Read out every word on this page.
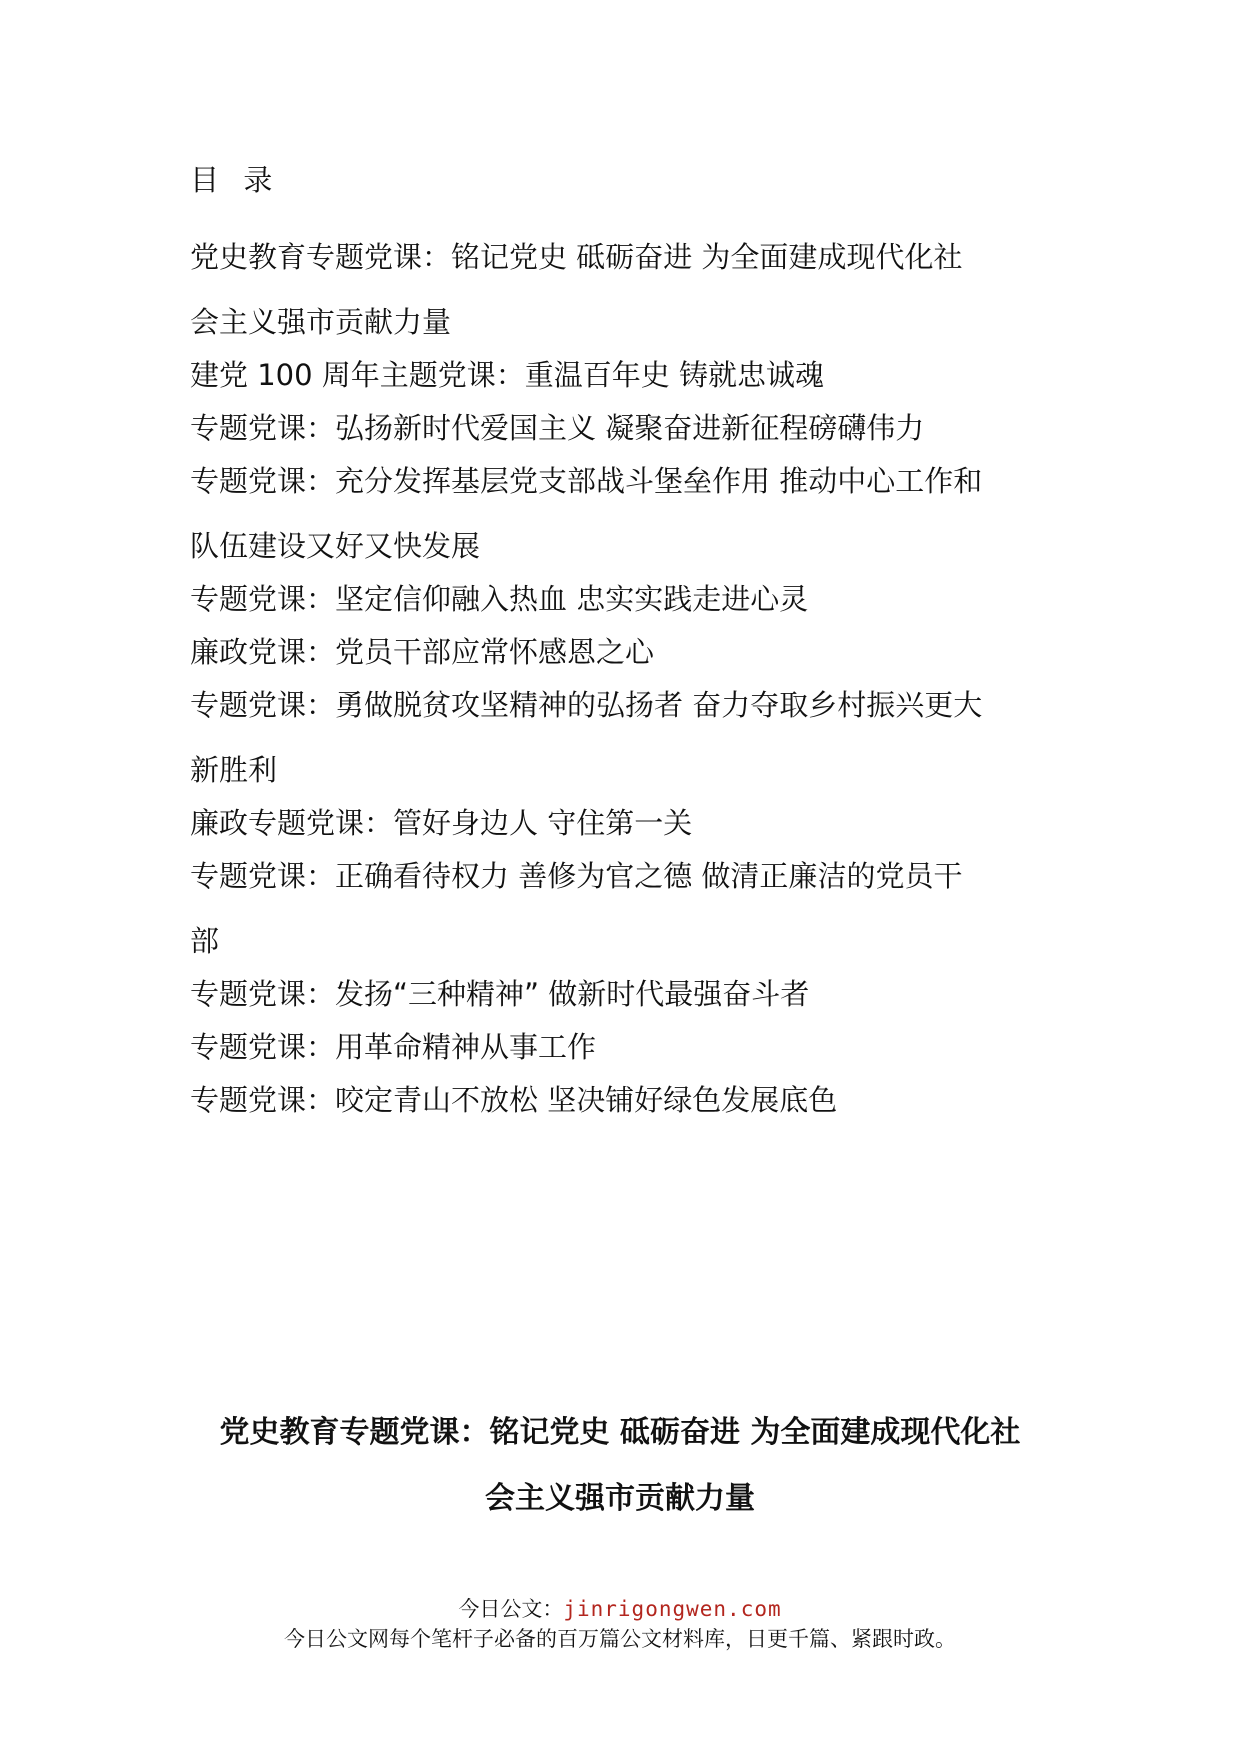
目  录
党史教育专题党课：铭记党史 砥砺奋进 为全面建成现代化社
会主义强市贡献力量
建党 100 周年主题党课：重温百年史 铸就忠诚魂
专题党课：弘扬新时代爱国主义 凝聚奋进新征程磅礴伟力
专题党课：充分发挥基层党支部战斗堡垒作用 推动中心工作和
队伍建设又好又快发展
专题党课：坚定信仰融入热血 忠实实践走进心灵
廉政党课：党员干部应常怀感恩之心
专题党课：勇做脱贫攻坚精神的弘扬者 奋力夺取乡村振兴更大
新胜利
廉政专题党课：管好身边人 守住第一关
专题党课：正确看待权力 善修为官之德 做清正廉洁的党员干
部
专题党课：发扬“三种精神” 做新时代最强奋斗者
专题党课：用革命精神从事工作
专题党课：咬定青山不放松 坚决铺好绿色发展底色
党史教育专题党课：铭记党史 砥砺奋进 为全面建成现代化社
会主义强市贡献力量
今日公文：jinrigongwen.com
今日公文网每个笔杆子必备的百万篇公文材料库，日更千篇、紧跟时政。
